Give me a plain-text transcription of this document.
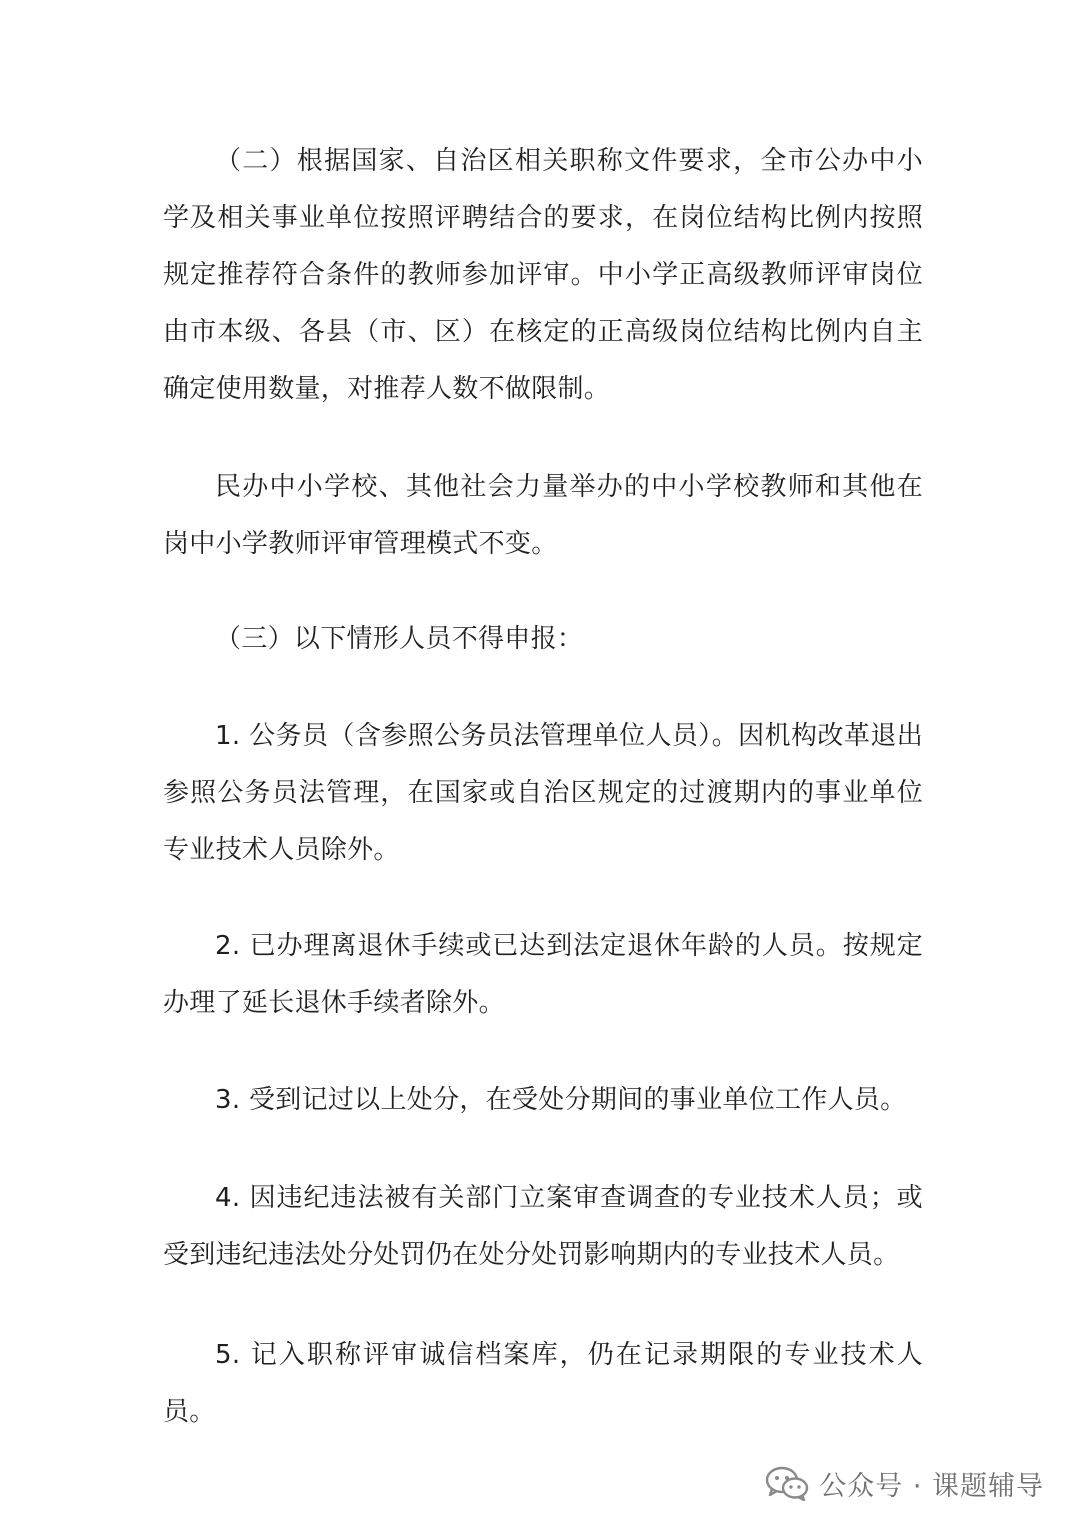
（二）根据国家、自治区相关职称文件要求，全市公办中小学及相关事业单位按照评聘结合的要求，在岗位结构比例内按照规定推荐符合条件的教师参加评审。中小学正高级教师评审岗位由市本级、各县（市、区）在核定的正高级岗位结构比例内自主确定使用数量，对推荐人数不做限制。

民办中小学校、其他社会力量举办的中小学校教师和其他在岗中小学教师评审管理模式不变。

（三）以下情形人员不得申报：

1. 公务员（含参照公务员法管理单位人员）。因机构改革退出参照公务员法管理，在国家或自治区规定的过渡期内的事业单位专业技术人员除外。

2. 已办理离退休手续或已达到法定退休年龄的人员。按规定办理了延长退休手续者除外。

3. 受到记过以上处分，在受处分期间的事业单位工作人员。

4. 因违纪违法被有关部门立案审查调查的专业技术人员；或受到违纪违法处分处罚仍在处分处罚影响期内的专业技术人员。

5. 记入职称评审诚信档案库，仍在记录期限的专业技术人员。

公众号 · 课题辅导
